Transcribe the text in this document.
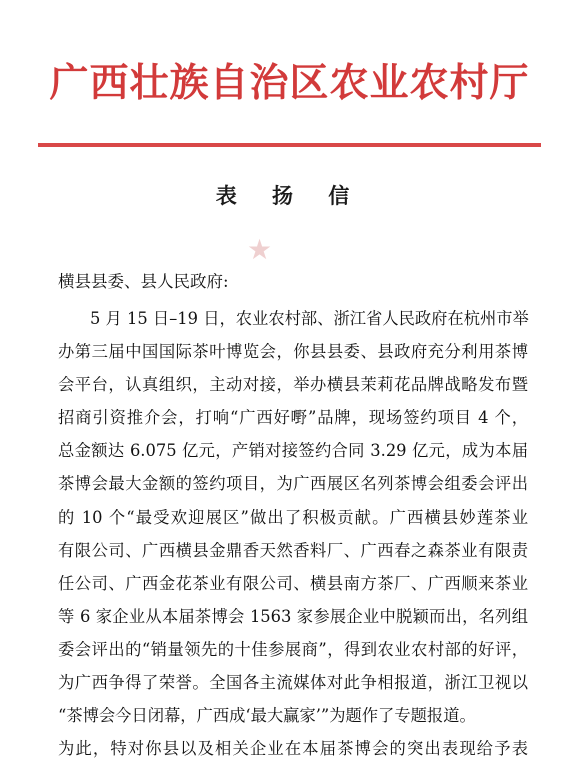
广西壮族自治区农业农村厅
表 扬 信
★
横县县委、县人民政府:
5 月 15 日–19 日，农业农村部、浙江省人民政府在杭州市举
办第三届中国国际茶叶博览会，你县县委、县政府充分利用茶博
会平台，认真组织，主动对接，举办横县茉莉花品牌战略发布暨
招商引资推介会，打响“广西好嘢”品牌，现场签约项目 4 个，
总金额达 6.075 亿元，产销对接签约合同 3.29 亿元，成为本届
茶博会最大金额的签约项目，为广西展区名列茶博会组委会评出
的 10 个“最受欢迎展区”做出了积极贡献。广西横县妙莲茶业
有限公司、广西横县金鼎香天然香料厂、广西春之森茶业有限责
任公司、广西金花茶业有限公司、横县南方茶厂、广西顺来茶业
等 6 家企业从本届茶博会 1563 家参展企业中脱颖而出，名列组
委会评出的“销量领先的十佳参展商”，得到农业农村部的好评，
为广西争得了荣誉。全国各主流媒体对此争相报道，浙江卫视以
“茶博会今日闭幕，广西成‘最大赢家’”为题作了专题报道。
为此，特对你县以及相关企业在本届茶博会的突出表现给予表
